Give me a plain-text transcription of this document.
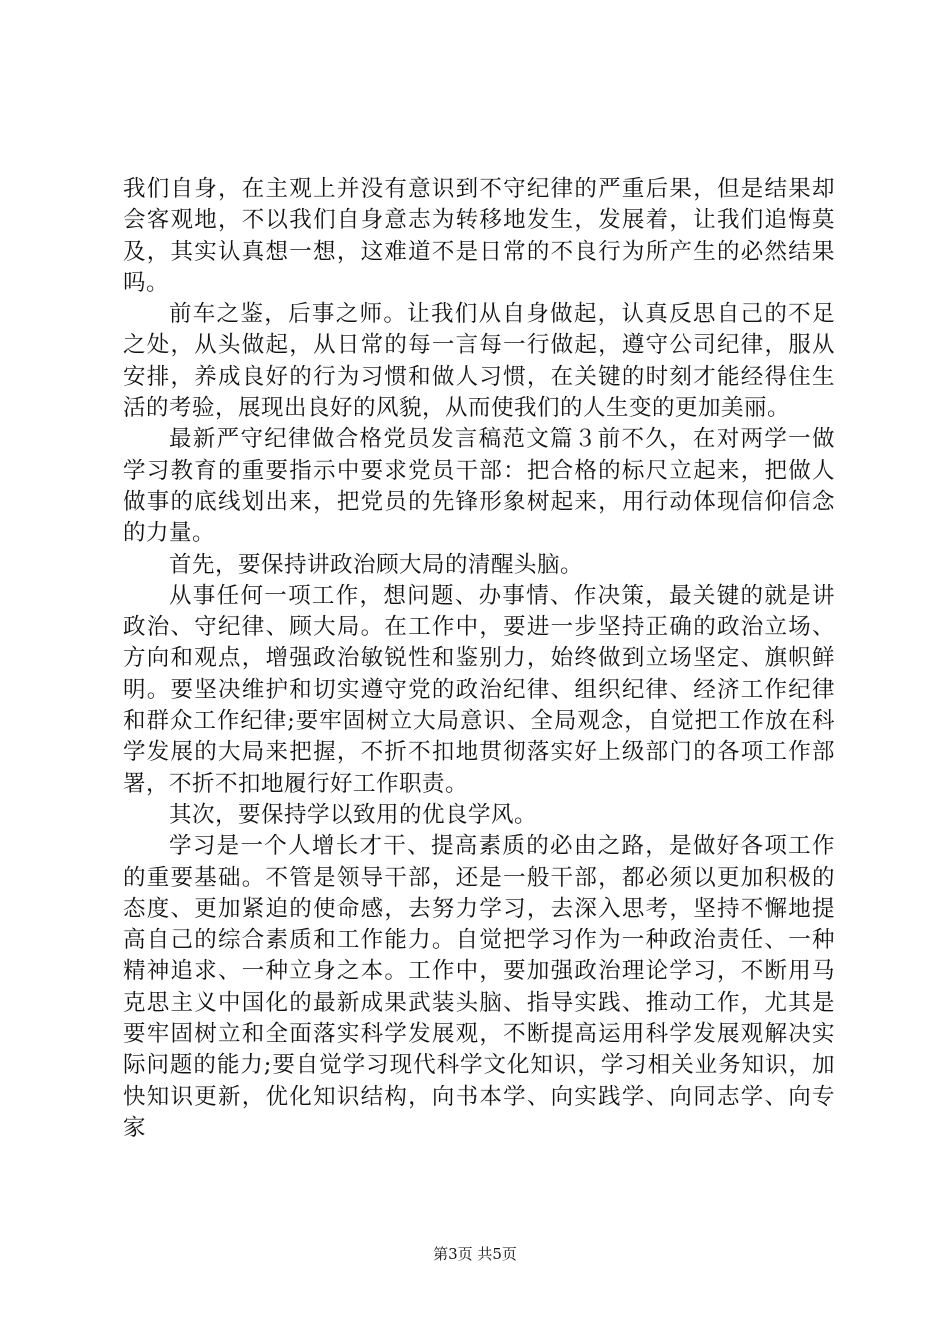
我们自身，在主观上并没有意识到不守纪律的严重后果，但是结果却会客观地，不以我们自身意志为转移地发生，发展着，让我们追悔莫及，其实认真想一想，这难道不是日常的不良行为所产生的必然结果吗。

前车之鉴，后事之师。让我们从自身做起，认真反思自己的不足之处，从头做起，从日常的每一言每一行做起，遵守公司纪律，服从安排，养成良好的行为习惯和做人习惯，在关键的时刻才能经得住生活的考验，展现出良好的风貌，从而使我们的人生变的更加美丽。

最新严守纪律做合格党员发言稿范文篇３前不久，在对两学一做学习教育的重要指示中要求党员干部：把合格的标尺立起来，把做人做事的底线划出来，把党员的先锋形象树起来，用行动体现信仰信念的力量。

首先，要保持讲政治顾大局的清醒头脑。

从事任何一项工作，想问题、办事情、作决策，最关键的就是讲政治、守纪律、顾大局。在工作中，要进一步坚持正确的政治立场、方向和观点，增强政治敏锐性和鉴别力，始终做到立场坚定、旗帜鲜明。要坚决维护和切实遵守党的政治纪律、组织纪律、经济工作纪律和群众工作纪律;要牢固树立大局意识、全局观念，自觉把工作放在科学发展的大局来把握，不折不扣地贯彻落实好上级部门的各项工作部署，不折不扣地履行好工作职责。

其次，要保持学以致用的优良学风。

学习是一个人增长才干、提高素质的必由之路，是做好各项工作的重要基础。不管是领导干部，还是一般干部，都必须以更加积极的态度、更加紧迫的使命感，去努力学习，去深入思考，坚持不懈地提高自己的综合素质和工作能力。自觉把学习作为一种政治责任、一种精神追求、一种立身之本。工作中，要加强政治理论学习，不断用马克思主义中国化的最新成果武装头脑、指导实践、推动工作，尤其是要牢固树立和全面落实科学发展观，不断提高运用科学发展观解决实际问题的能力;要自觉学习现代科学文化知识，学习相关业务知识，加快知识更新，优化知识结构，向书本学、向实践学、向同志学、向专家

第3页 共5页
